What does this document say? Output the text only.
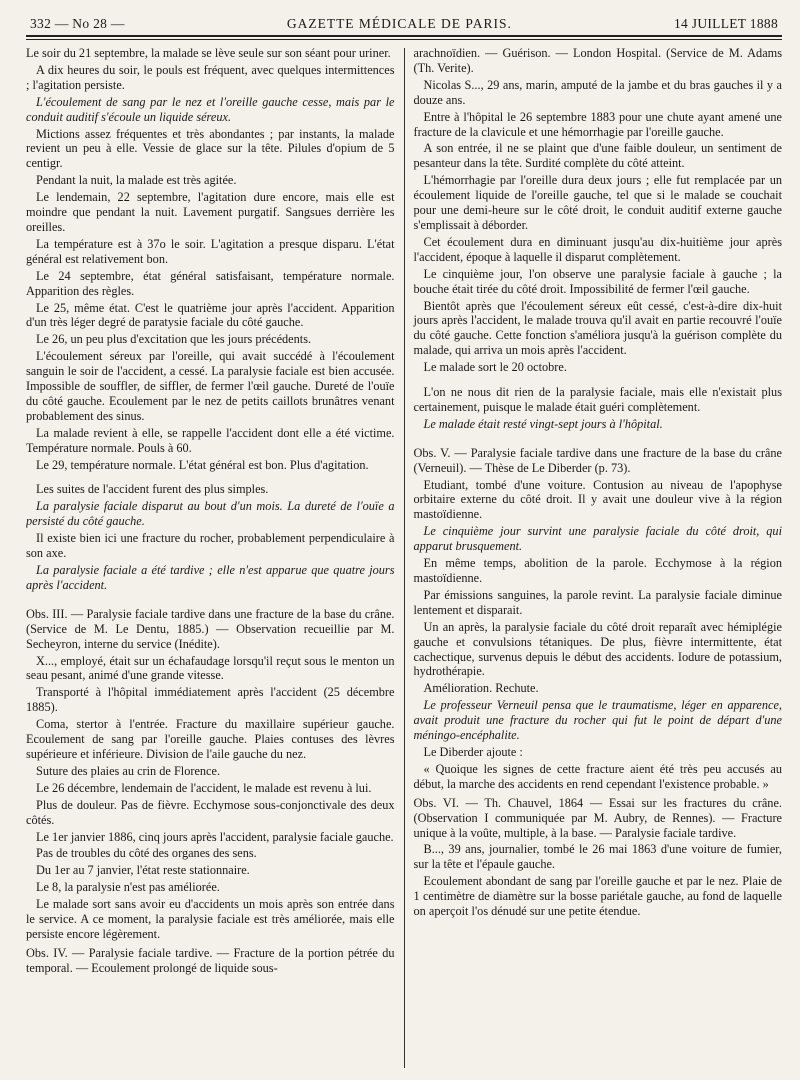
332 — No 28 —	GAZETTE MÉDICALE DE PARIS.	14 JUILLET 1888

Le soir du 21 septembre, la malade se lève seule sur son séant pour uriner.

A dix heures du soir, le pouls est fréquent, avec quelques intermittences ; l'agitation persiste.

L'écoulement de sang par le nez et l'oreille gauche cesse, mais par le conduit auditif s'écoule un liquide séreux.

Mictions assez fréquentes et très abondantes ; par instants, la malade revient un peu à elle. Vessie de glace sur la tête. Pilules d'opium de 5 centigr.

Pendant la nuit, la malade est très agitée.

Le lendemain, 22 septembre, l'agitation dure encore, mais elle est moindre que pendant la nuit. Lavement purgatif. Sangsues derrière les oreilles.

La température est à 37o le soir. L'agitation a presque disparu. L'état général est relativement bon.

Le 24 septembre, état général satisfaisant, température normale. Apparition des règles.

Le 25, même état. C'est le quatrième jour après l'accident. Apparition d'un très léger degré de paratysie faciale du côté gauche.

Le 26, un peu plus d'excitation que les jours précédents.

L'écoulement séreux par l'oreille, qui avait succédé à l'écoulement sanguin le soir de l'accident, a cessé. La paralysie faciale est bien accusée. Impossible de souffler, de siffler, de fermer l'œil gauche. Dureté de l'ouïe du côté gauche. Ecoulement par le nez de petits caillots brunâtres venant probablement des sinus.

La malade revient à elle, se rappelle l'accident dont elle a été victime. Température normale. Pouls à 60.

Le 29, température normale. L'état général est bon. Plus d'agitation.

Les suites de l'accident furent des plus simples.

La paralysie faciale disparut au bout d'un mois. La dureté de l'ouïe a persisté du côté gauche.

Il existe bien ici une fracture du rocher, probablement perpendiculaire à son axe.

La paralysie faciale a été tardive ; elle n'est apparue que quatre jours après l'accident.

Obs. III. — Paralysie faciale tardive dans une fracture de la base du crâne. (Service de M. Le Dentu, 1885.) — Observation recueillie par M. Secheyron, interne du service (Inédite).

X..., employé, était sur un échafaudage lorsqu'il reçut sous le menton un seau pesant, animé d'une grande vitesse.

Transporté à l'hôpital immédiatement après l'accident (25 décembre 1885).

Coma, stertor à l'entrée. Fracture du maxillaire supérieur gauche. Ecoulement de sang par l'oreille gauche. Plaies contuses des lèvres supérieure et inférieure. Division de l'aile gauche du nez.

Suture des plaies au crin de Florence.

Le 26 décembre, lendemain de l'accident, le malade est revenu à lui.

Plus de douleur. Pas de fièvre. Ecchymose sous-conjonctivale des deux côtés.

Le 1er janvier 1886, cinq jours après l'accident, paralysie faciale gauche.

Pas de troubles du côté des organes des sens.

Du 1er au 7 janvier, l'état reste stationnaire.

Le 8, la paralysie n'est pas améliorée.

Le malade sort sans avoir eu d'accidents un mois après son entrée dans le service. A ce moment, la paralysie faciale est très améliorée, mais elle persiste encore légèrement.

Obs. IV. — Paralysie faciale tardive. — Fracture de la portion pétrée du temporal. — Ecoulement prolongé de liquide sous-

arachnoïdien. — Guérison. — London Hospital. (Service de M. Adams (Th. Verite).

Nicolas S..., 29 ans, marin, amputé de la jambe et du bras gauches il y a douze ans.

Entre à l'hôpital le 26 septembre 1883 pour une chute ayant amené une fracture de la clavicule et une hémorrhagie par l'oreille gauche.

A son entrée, il ne se plaint que d'une faible douleur, un sentiment de pesanteur dans la tête. Surdité complète du côté atteint.

L'hémorrhagie par l'oreille dura deux jours ; elle fut remplacée par un écoulement liquide de l'oreille gauche, tel que si le malade se couchait pour une demi-heure sur le côté droit, le conduit auditif externe gauche s'emplissait à déborder.

Cet écoulement dura en diminuant jusqu'au dix-huitième jour après l'accident, époque à laquelle il disparut complètement.

Le cinquième jour, l'on observe une paralysie faciale à gauche ; la bouche était tirée du côté droit. Impossibilité de fermer l'œil gauche.

Bientôt après que l'écoulement séreux eût cessé, c'est-à-dire dix-huit jours après l'accident, le malade trouva qu'il avait en partie recouvré l'ouïe du côté gauche. Cette fonction s'améliora jusqu'à la guérison complète du malade, qui arriva un mois après l'accident.

Le malade sort le 20 octobre.

L'on ne nous dit rien de la paralysie faciale, mais elle n'existait plus certainement, puisque le malade était guéri complètement.

Le malade était resté vingt-sept jours à l'hôpital.

Obs. V. — Paralysie faciale tardive dans une fracture de la base du crâne (Verneuil). — Thèse de Le Diberder (p. 73).

Etudiant, tombé d'une voiture. Contusion au niveau de l'apophyse orbitaire externe du côté droit. Il y avait une douleur vive à la région mastoïdienne.

Le cinquième jour survint une paralysie faciale du côté droit, qui apparut brusquement.

En même temps, abolition de la parole. Ecchymose à la région mastoïdienne.

Par émissions sanguines, la parole revint. La paralysie faciale diminue lentement et disparait.

Un an après, la paralysie faciale du côté droit reparaît avec hémiplégie gauche et convulsions tétaniques. De plus, fièvre intermittente, état cachectique, survenus depuis le début des accidents. Iodure de potassium, hydrothérapie.

Amélioration. Rechute.

Le professeur Verneuil pensa que le traumatisme, léger en apparence, avait produit une fracture du rocher qui fut le point de départ d'une méningo-encéphalite.

Le Diberder ajoute :

« Quoique les signes de cette fracture aient été très peu accusés au début, la marche des accidents en rend cependant l'existence probable. »

Obs. VI. — Th. Chauvel, 1864 — Essai sur les fractures du crâne. (Observation I communiquée par M. Aubry, de Rennes). — Fracture unique à la voûte, multiple, à la base. — Paralysie faciale tardive.

B..., 39 ans, journalier, tombé le 26 mai 1863 d'une voiture de fumier, sur la tête et l'épaule gauche.

Ecoulement abondant de sang par l'oreille gauche et par le nez. Plaie de 1 centimètre de diamètre sur la bosse pariétale gauche, au fond de laquelle on aperçoit l'os dénudé sur une petite étendue.
